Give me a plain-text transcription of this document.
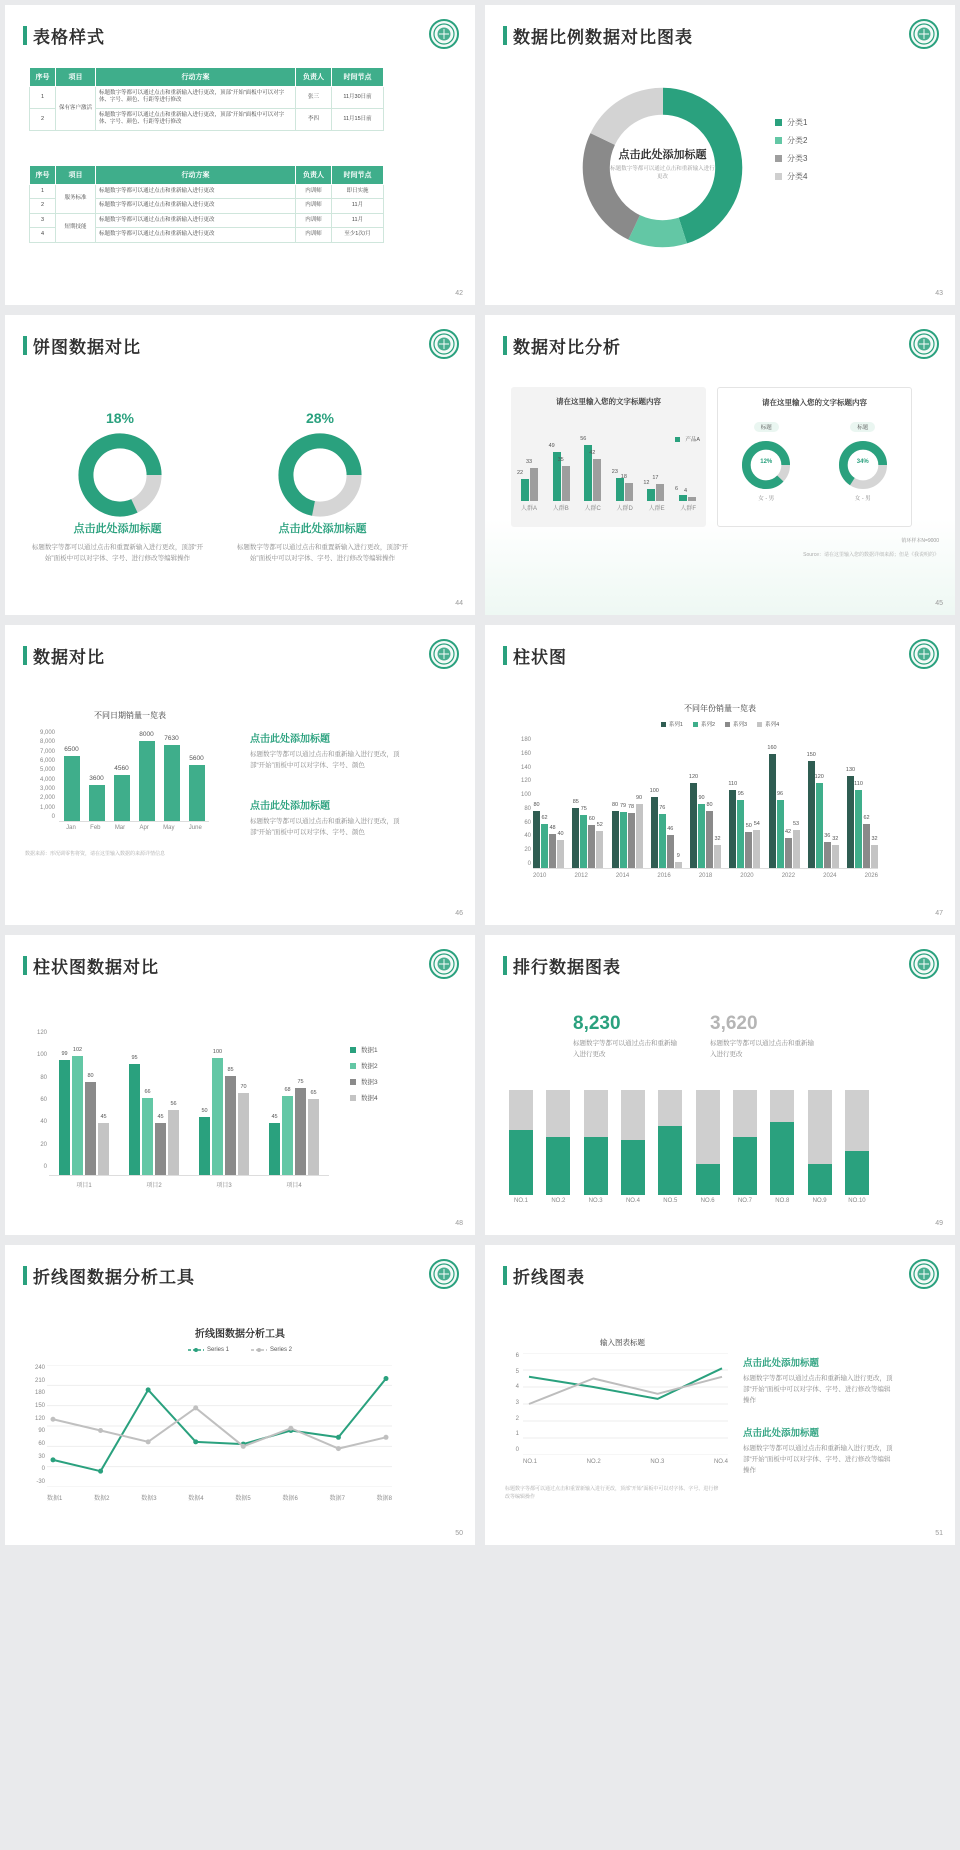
表格样式
序号	项目	行动方案	负责人	时间节点
1	保有客户激活	标题数字等都可以通过点击和重新输入进行更改，顶部“开始”面板中可以对字体、字号、颜色、行距等进行修改	张三	11月30日前
2		标题数字等都可以通过点击和重新输入进行更改，顶部“开始”面板中可以对字体、字号、颜色、行距等进行修改	李四	11月15日前
序号	项目	行动方案	负责人	时间节点
1	服务标准	标题数字等都可以通过点击和重新输入进行更改	内训师	即日实施
2		标题数字等都可以通过点击和重新输入进行更改	内训师	11月
3	短期技能	标题数字等都可以通过点击和重新输入进行更改	内训师	11月
4		标题数字等都可以通过点击和重新输入进行更改	内训师	至少1次/月
42
数据比例数据对比图表
点击此处添加标题
标题数字等都可以通过点击和重新输入进行更改
分类1
分类2
分类3
分类4
43
饼图数据对比
18%
点击此处添加标题
标题数字等都可以通过点击和重置新输入进行更改，顶部“开始”面板中可以对字体、字号、进行修改等编辑操作
28%
点击此处添加标题
标题数字等都可以通过点击和重置新输入进行更改，顶部“开始”面板中可以对字体、字号、进行修改等编辑操作
44
数据对比分析
请在这里输入您的文字标题内容
22
33
49
35
56
42
23
18
12
17
6 4
人群A	人群B	人群C	人群D	人群E	人群F
产品A
请在这里输入您的文字标题内容
标题
12%
女 - 男
标题
34%
女 - 男
销环样本N=9000
Source：请在这里输入您的数据详细来源；但是《我说明的》
45
数据对比
不同日期销量一览表
9,000
8,000
7,000
6,000
5,000
4,000
3,000
2,000
1,000
0
6500
3600
4560
8000
7630
5600
Jan Feb Mar Apr May June
数据来源：形况调零售将资，请在这里输入数据的来源详情信息
点击此处添加标题
标题数字等都可以通过点击和重新输入进行更改，顶部“开始”面板中可以对字体、字号、颜色
点击此处添加标题
标题数字等都可以通过点击和重新输入进行更改，顶部“开始”面板中可以对字体、字号、颜色
46
柱状图
不同年份销量一览表
系列1	系列2	系列3	系列4
180
160
140
120
100
80
60
40
20
0
80
62
48
40
85
75
60
52
80 79 78
90
100
76
46
9
120
90
80
32
110
95
50 54
160
96
42
53
150
120
36 32
130
110
62
32
2010	2012	2014	2016	2018	2020	2022	2024	2026
47
柱状图数据对比
120
100
80
60
40
20
0
99
102
80
45
95
66
45
56
50
100
85
70
45
68
75
65
项目1	项目2	项目3	项目4
数据1
数据2
数据3
数据4
48
排行数据图表
8,230
标题数字等都可以通过点击和重新输入进行更改
3,620
标题数字等都可以通过点击和重新输入进行更改
NO.1	NO.2	NO.3	NO.4	NO.5	NO.6	NO.7	NO.8	NO.9	NO.10
49
折线图数据分析工具
折线图数据分析工具
Series 1	Series 2
240
210
180
150
120
90
60
30
0
-30
数据1	数据2	数据3	数据4	数据5	数据6	数据7	数据8
50
折线图表
输入图表标题
6
5
4
3
2
1
0
NO.1	NO.2	NO.3	NO.4
标题数字等都可以通过点击和重置新输入进行更改，顶部“开始”面板中可以对字体、字号、进行修改等编辑操作
点击此处添加标题
标题数字等都可以通过点击和重新输入进行更改，顶部“开始”面板中可以对字体、字号、进行修改等编辑操作
点击此处添加标题
标题数字等都可以通过点击和重新输入进行更改，顶部“开始”面板中可以对字体、字号、进行修改等编辑操作
51
